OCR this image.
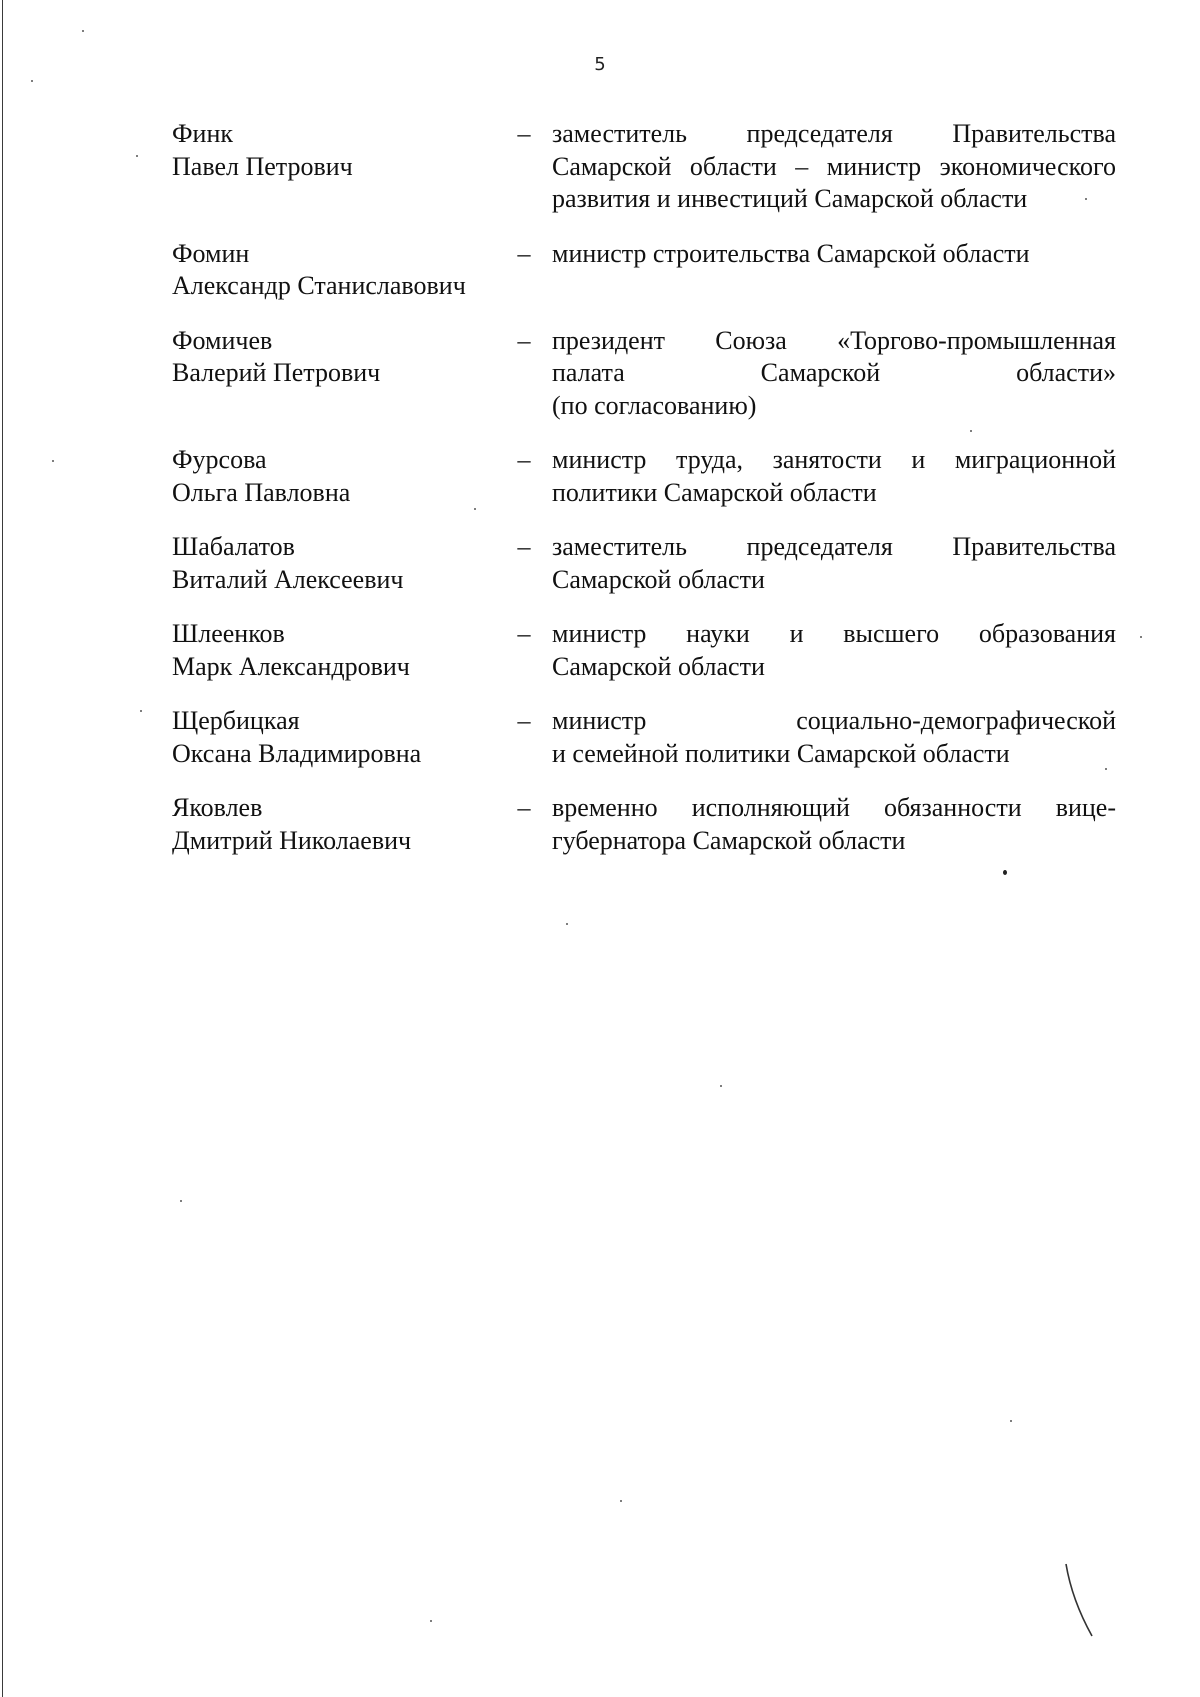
5
Финк
Павел Петрович
– заместитель председателя Правительства
Самарской области – министр экономического
развития и инвестиций Самарской области
Фомин
Александр Станиславович
– министр строительства Самарской области
Фомичев
Валерий Петрович
– президент Союза «Торгово-промышленная
палата Самарской области»
(по согласованию)
Фурсова
Ольга Павловна
– министр труда, занятости и миграционной
политики Самарской области
Шабалатов
Виталий Алексеевич
– заместитель председателя Правительства
Самарской области
Шлеенков
Марк Александрович
– министр науки и высшего образования
Самарской области
Щербицкая
Оксана Владимировна
– министр социально-демографической
и семейной политики Самарской области
Яковлев
Дмитрий Николаевич
– временно исполняющий обязанности вице-
губернатора Самарской области
